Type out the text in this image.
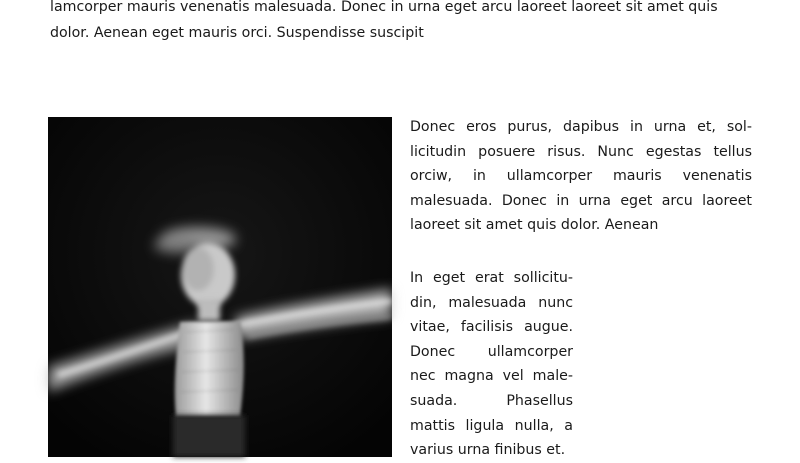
lamcorper mauris venenatis malesuada. Donec in urna eget arcu laoreet laoreet sit amet quis dolor. Aenean eget mauris orci. Suspendisse suscipit

Donec eros purus, dapibus in urna et, sollicitudin posuere risus. Nunc egestas tellus orciw, in ullamcorper mauris venenatis malesuada. Donec in urna eget arcu laoreet laoreet sit amet quis dolor. Aenean

In eget erat sollicitudin, malesuada nunc vitae, facilisis augue. Donec ullamcorper nec magna vel malesuada. Phasellus mattis ligula nulla, a varius urna finibus et.
